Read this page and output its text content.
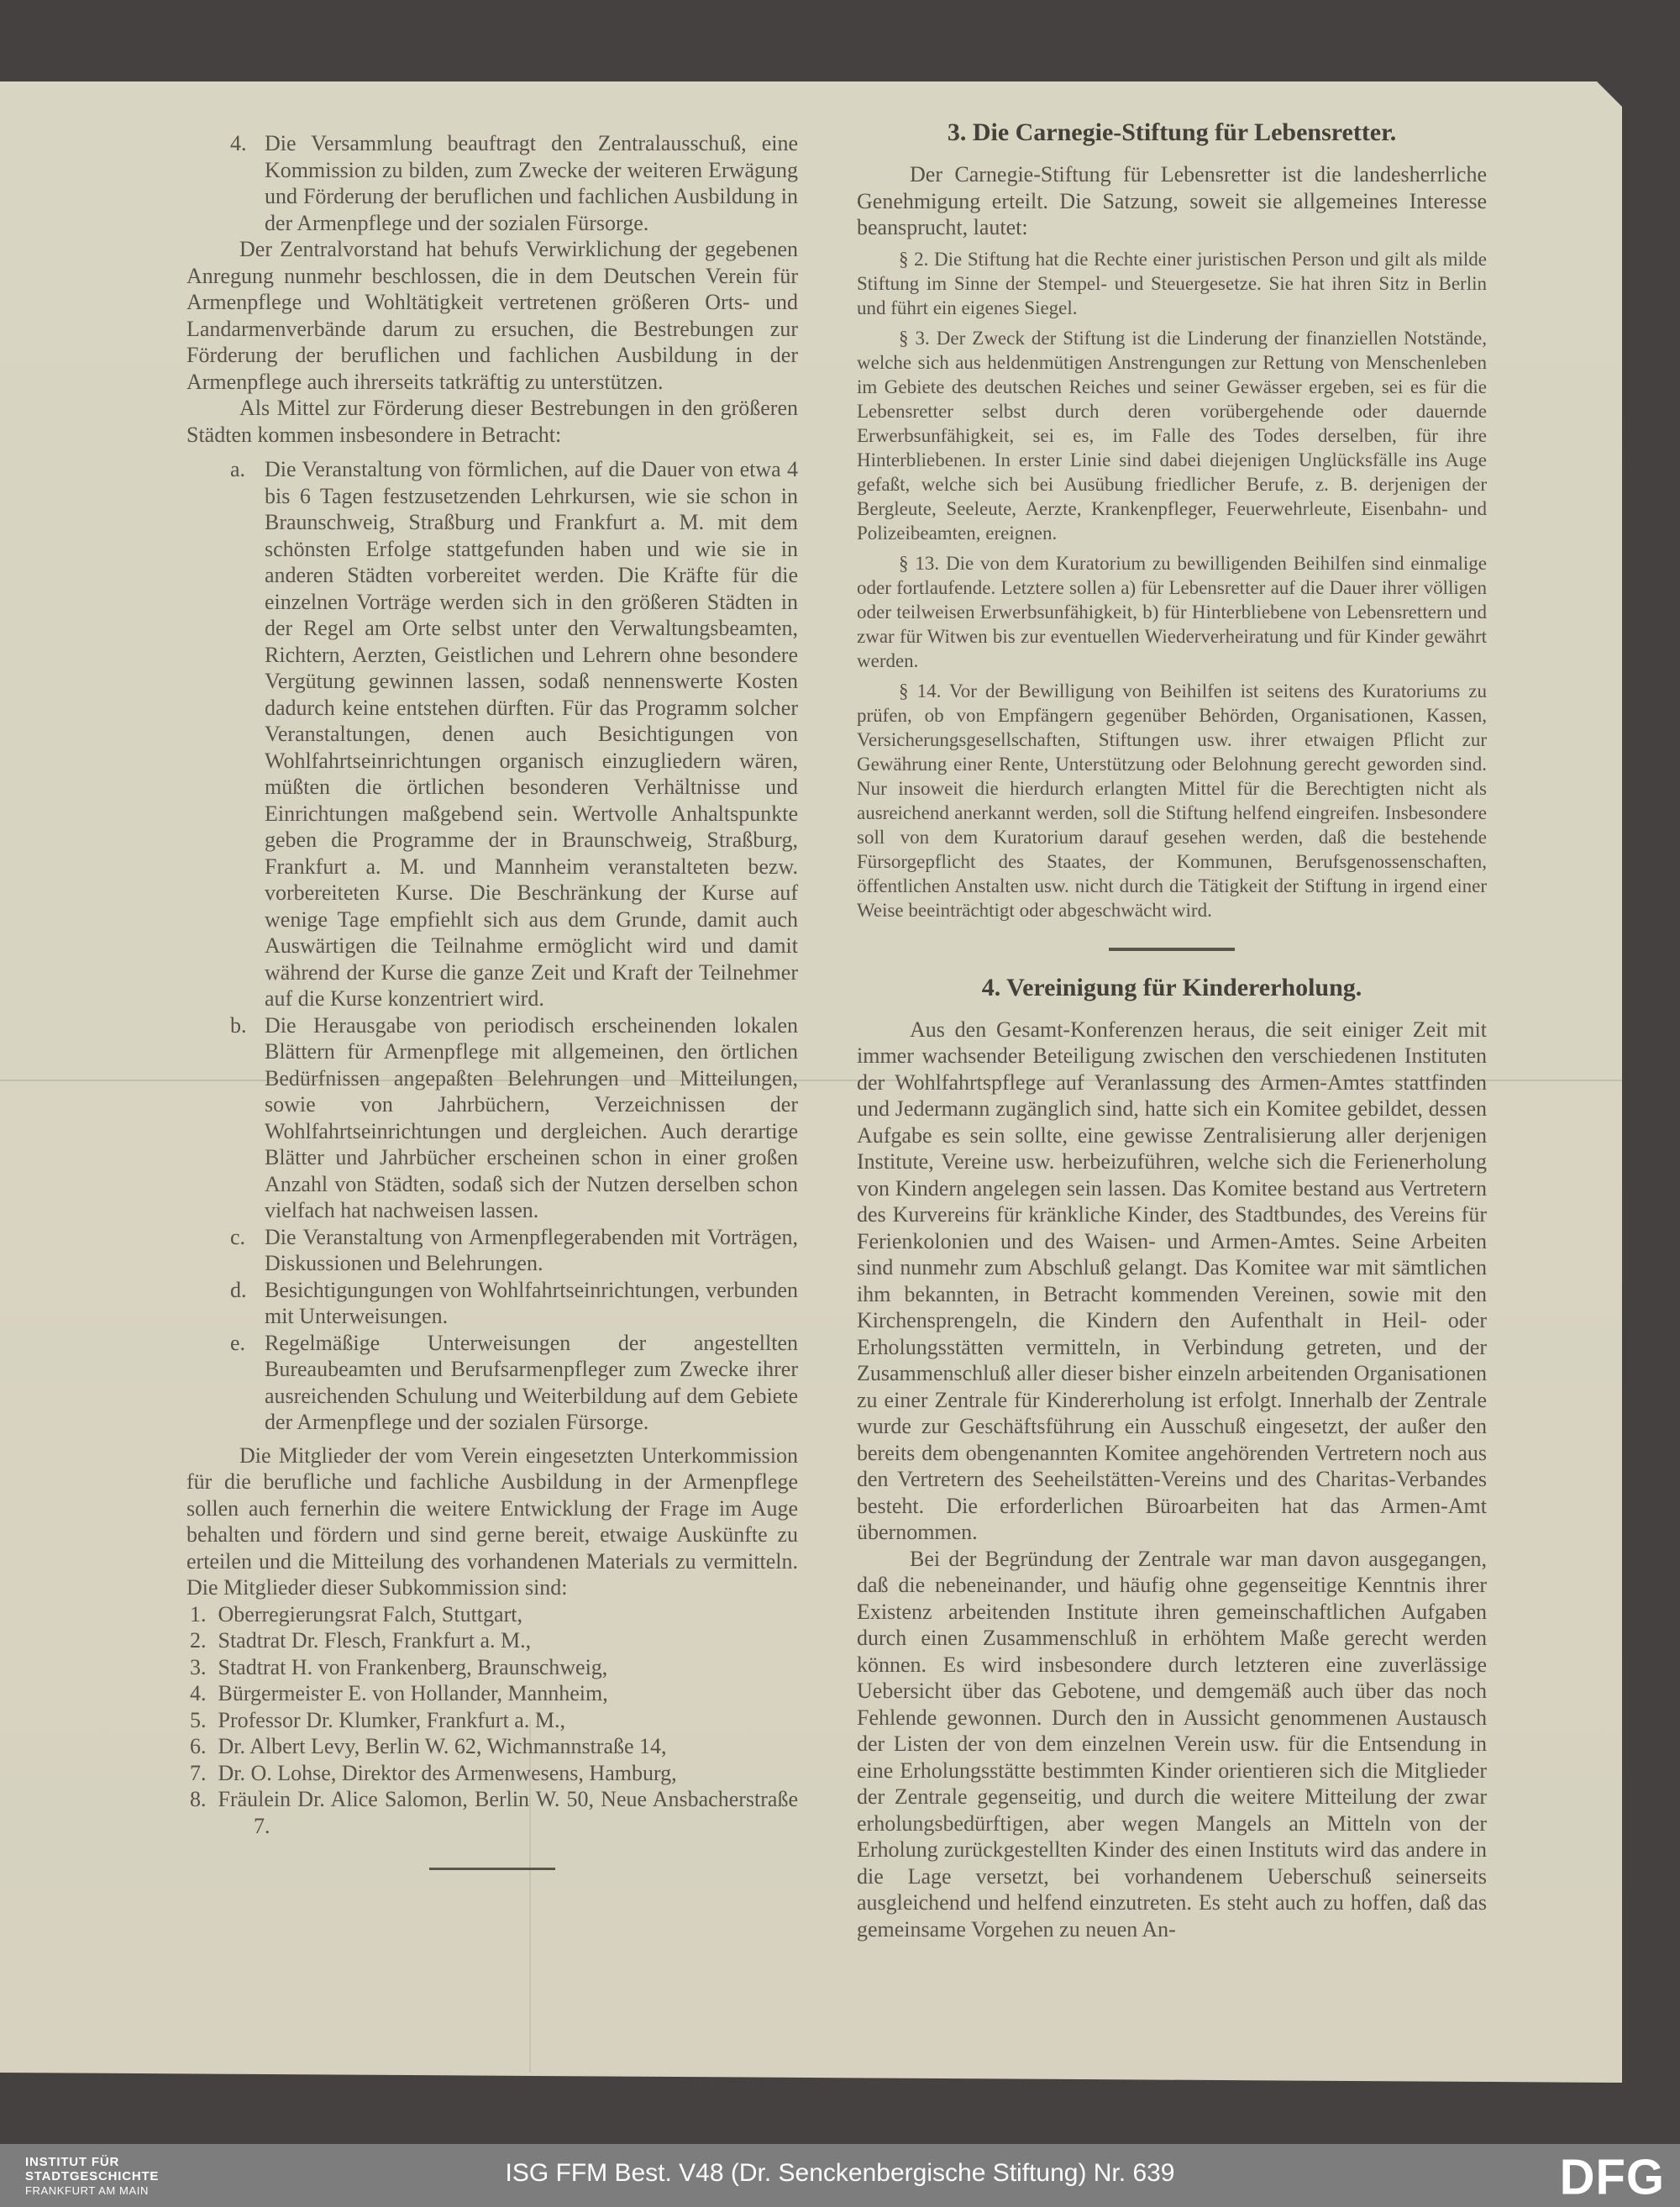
4. Die Versammlung beauftragt den Zentralausschuß, eine Kommission zu bilden, zum Zwecke der weiteren Erwägung und Förderung der beruflichen und fachlichen Ausbildung in der Armenpflege und der sozialen Fürsorge.

Der Zentralvorstand hat behufs Verwirklichung der gegebenen Anregung nunmehr beschlossen, die in dem Deutschen Verein für Armenpflege und Wohltätigkeit vertretenen größeren Orts- und Landarmenverbände darum zu ersuchen, die Bestrebungen zur Förderung der beruflichen und fachlichen Ausbildung in der Armenpflege auch ihrerseits tatkräftig zu unterstützen.

Als Mittel zur Förderung dieser Bestrebungen in den größeren Städten kommen insbesondere in Betracht:

a. Die Veranstaltung von förmlichen, auf die Dauer von etwa 4 bis 6 Tagen festzusetzenden Lehrkursen, wie sie schon in Braunschweig, Straßburg und Frankfurt a. M. mit dem schönsten Erfolge stattgefunden haben und wie sie in anderen Städten vorbereitet werden. Die Kräfte für die einzelnen Vorträge werden sich in den größeren Städten in der Regel am Orte selbst unter den Verwaltungsbeamten, Richtern, Aerzten, Geistlichen und Lehrern ohne besondere Vergütung gewinnen lassen, sodaß nennenswerte Kosten dadurch keine entstehen dürften. Für das Programm solcher Veranstaltungen, denen auch Besichtigungen von Wohlfahrtseinrichtungen organisch einzugliedern wären, müßten die örtlichen besonderen Verhältnisse und Einrichtungen maßgebend sein. Wertvolle Anhaltspunkte geben die Programme der in Braunschweig, Straßburg, Frankfurt a. M. und Mannheim veranstalteten bezw. vorbereiteten Kurse. Die Beschränkung der Kurse auf wenige Tage empfiehlt sich aus dem Grunde, damit auch Auswärtigen die Teilnahme ermöglicht wird und damit während der Kurse die ganze Zeit und Kraft der Teilnehmer auf die Kurse konzentriert wird.
b. Die Herausgabe von periodisch erscheinenden lokalen Blättern für Armenpflege mit allgemeinen, den örtlichen Bedürfnissen angepaßten Belehrungen und Mitteilungen, sowie von Jahrbüchern, Verzeichnissen der Wohlfahrtseinrichtungen und dergleichen. Auch derartige Blätter und Jahrbücher erscheinen schon in einer großen Anzahl von Städten, sodaß sich der Nutzen derselben schon vielfach hat nachweisen lassen.
c. Die Veranstaltung von Armenpflegerabenden mit Vorträgen, Diskussionen und Belehrungen.
d. Besichtigungungen von Wohlfahrtseinrichtungen, verbunden mit Unterweisungen.
e. Regelmäßige Unterweisungen der angestellten Bureaubeamten und Berufsarmenpfleger zum Zwecke ihrer ausreichenden Schulung und Weiterbildung auf dem Gebiete der Armenpflege und der sozialen Fürsorge.

Die Mitglieder der vom Verein eingesetzten Unterkommission für die berufliche und fachliche Ausbildung in der Armenpflege sollen auch fernerhin die weitere Entwicklung der Frage im Auge behalten und fördern und sind gerne bereit, etwaige Auskünfte zu erteilen und die Mitteilung des vorhandenen Materials zu vermitteln. Die Mitglieder dieser Subkommission sind:

1. Oberregierungsrat Falch, Stuttgart,
2. Stadtrat Dr. Flesch, Frankfurt a. M.,
3. Stadtrat H. von Frankenberg, Braunschweig,
4. Bürgermeister E. von Hollander, Mannheim,
5. Professor Dr. Klumker, Frankfurt a. M.,
6. Dr. Albert Levy, Berlin W. 62, Wichmannstraße 14,
7. Dr. O. Lohse, Direktor des Armenwesens, Hamburg,
8. Fräulein Dr. Alice Salomon, Berlin W. 50, Neue Ansbacherstraße 7.
3. Die Carnegie-Stiftung für Lebensretter.

Der Carnegie-Stiftung für Lebensretter ist die landesherrliche Genehmigung erteilt. Die Satzung, soweit sie allgemeines Interesse beansprucht, lautet:

§ 2. Die Stiftung hat die Rechte einer juristischen Person und gilt als milde Stiftung im Sinne der Stempel- und Steuergesetze. Sie hat ihren Sitz in Berlin und führt ein eigenes Siegel.

§ 3. Der Zweck der Stiftung ist die Linderung der finanziellen Notstände, welche sich aus heldenmütigen Anstrengungen zur Rettung von Menschenleben im Gebiete des deutschen Reiches und seiner Gewässer ergeben, sei es für die Lebensretter selbst durch deren vorübergehende oder dauernde Erwerbsunfähigkeit, sei es, im Falle des Todes derselben, für ihre Hinterbliebenen. In erster Linie sind dabei diejenigen Unglücksfälle ins Auge gefaßt, welche sich bei Ausübung friedlicher Berufe, z. B. derjenigen der Bergleute, Seeleute, Aerzte, Krankenpfleger, Feuerwehrleute, Eisenbahn- und Polizeibeamten, ereignen.

§ 13. Die von dem Kuratorium zu bewilligenden Beihilfen sind einmalige oder fortlaufende. Letztere sollen a) für Lebensretter auf die Dauer ihrer völligen oder teilweisen Erwerbsunfähigkeit, b) für Hinterbliebene von Lebensrettern und zwar für Witwen bis zur eventuellen Wiederverheiratung und für Kinder gewährt werden.

§ 14. Vor der Bewilligung von Beihilfen ist seitens des Kuratoriums zu prüfen, ob von Empfängern gegenüber Behörden, Organisationen, Kassen, Versicherungsgesellschaften, Stiftungen usw. ihrer etwaigen Pflicht zur Gewährung einer Rente, Unterstützung oder Belohnung gerecht geworden sind. Nur insoweit die hierdurch erlangten Mittel für die Berechtigten nicht als ausreichend anerkannt werden, soll die Stiftung helfend eingreifen. Insbesondere soll von dem Kuratorium darauf gesehen werden, daß die bestehende Fürsorgepflicht des Staates, der Kommunen, Berufsgenossenschaften, öffentlichen Anstalten usw. nicht durch die Tätigkeit der Stiftung in irgend einer Weise beeinträchtigt oder abgeschwächt wird.

4. Vereinigung für Kindererholung.

Aus den Gesamt-Konferenzen heraus, die seit einiger Zeit mit immer wachsender Beteiligung zwischen den verschiedenen Instituten der Wohlfahrtspflege auf Veranlassung des Armen-Amtes stattfinden und Jedermann zugänglich sind, hatte sich ein Komitee gebildet, dessen Aufgabe es sein sollte, eine gewisse Zentralisierung aller derjenigen Institute, Vereine usw. herbeizuführen, welche sich die Ferienerholung von Kindern angelegen sein lassen. Das Komitee bestand aus Vertretern des Kurvereins für kränkliche Kinder, des Stadtbundes, des Vereins für Ferienkolonien und des Waisen- und Armen-Amtes. Seine Arbeiten sind nunmehr zum Abschluß gelangt. Das Komitee war mit sämtlichen ihm bekannten, in Betracht kommenden Vereinen, sowie mit den Kirchensprengeln, die Kindern den Aufenthalt in Heil- oder Erholungsstätten vermitteln, in Verbindung getreten, und der Zusammenschluß aller dieser bisher einzeln arbeitenden Organisationen zu einer Zentrale für Kindererholung ist erfolgt. Innerhalb der Zentrale wurde zur Geschäftsführung ein Ausschuß eingesetzt, der außer den bereits dem obengenannten Komitee angehörenden Vertretern noch aus den Vertretern des Seeheilstätten-Vereins und des Charitas-Verbandes besteht. Die erforderlichen Büroarbeiten hat das Armen-Amt übernommen.

Bei der Begründung der Zentrale war man davon ausgegangen, daß die nebeneinander, und häufig ohne gegenseitige Kenntnis ihrer Existenz arbeitenden Institute ihren gemeinschaftlichen Aufgaben durch einen Zusammenschluß in erhöhtem Maße gerecht werden können. Es wird insbesondere durch letzteren eine zuverlässige Uebersicht über das Gebotene, und demgemäß auch über das noch Fehlende gewonnen. Durch den in Aussicht genommenen Austausch der Listen der von dem einzelnen Verein usw. für die Entsendung in eine Erholungsstätte bestimmten Kinder orientieren sich die Mitglieder der Zentrale gegenseitig, und durch die weitere Mitteilung der zwar erholungsbedürftigen, aber wegen Mangels an Mitteln von der Erholung zurückgestellten Kinder des einen Instituts wird das andere in die Lage versetzt, bei vorhandenem Ueberschuß seinerseits ausgleichend und helfend einzutreten. Es steht auch zu hoffen, daß das gemeinsame Vorgehen zu neuen An-

INSTITUT FÜR
STADTGESCHICHTE
FRANKFURT AM MAIN
ISG FFM Best. V48 (Dr. Senckenbergische Stiftung) Nr. 639	DFG
